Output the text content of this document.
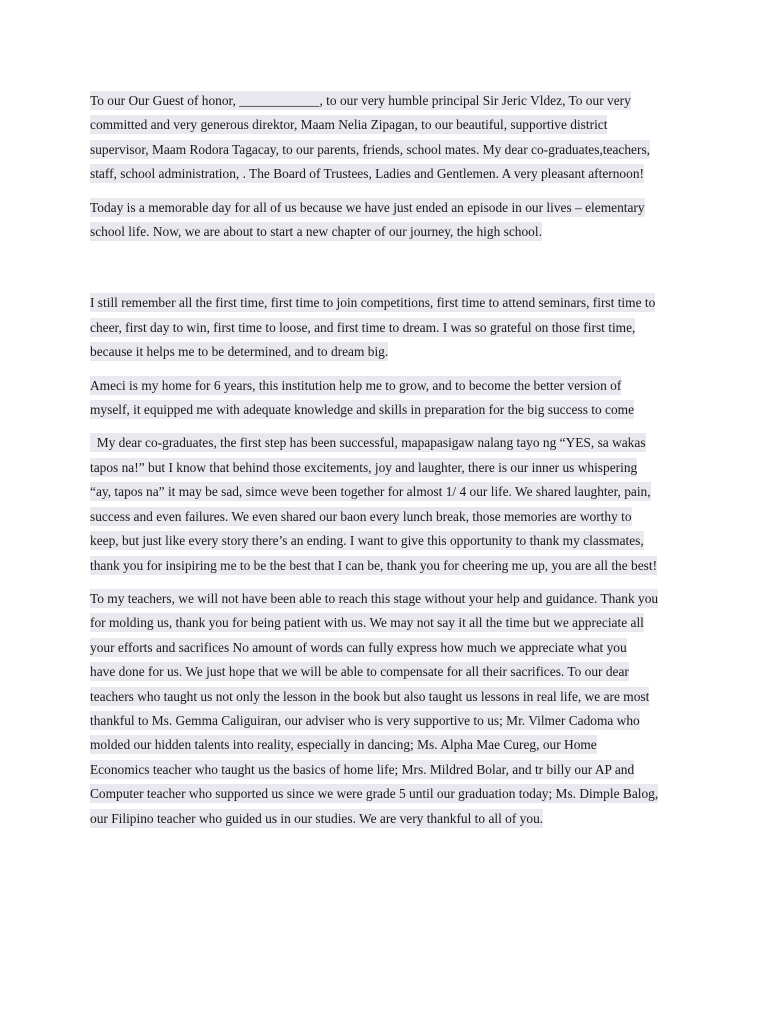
To our Our Guest of honor, ____________, to our very humble principal Sir Jeric Vldez, To our very
committed and very generous direktor, Maam Nelia Zipagan, to our beautiful, supportive district
supervisor, Maam Rodora Tagacay, to our parents, friends, school mates. My dear co-graduates,teachers,
staff, school administration, . The Board of Trustees, Ladies and Gentlemen. A very pleasant afternoon!
Today is a memorable day for all of us because we have just ended an episode in our lives – elementary
school life. Now, we are about to start a new chapter of our journey, the high school.
I still remember all the first time, first time to join competitions, first time to attend seminars, first time to
cheer, first day to win, first time to loose, and first time to dream. I was so grateful on those first time,
because it helps me to be determined, and to dream big.
Ameci is my home for 6 years, this institution help me to grow, and to become the better version of
myself, it equipped me with adequate knowledge and skills in preparation for the big success to come
My dear co-graduates, the first step has been successful, mapapasigaw nalang tayo ng “YES, sa wakas
tapos na!” but I know that behind those excitements, joy and laughter, there is our inner us whispering
“ay, tapos na” it may be sad, simce weve been together for almost 1/ 4 our life. We shared laughter, pain,
success and even failures. We even shared our baon every lunch break, those memories are worthy to
keep, but just like every story there’s an ending. I want to give this opportunity to thank my classmates,
thank you for insipiring me to be the best that I can be, thank you for cheering me up, you are all the best!
To my teachers, we will not have been able to reach this stage without your help and guidance. Thank you
for molding us, thank you for being patient with us. We may not say it all the time but we appreciate all
your efforts and sacrifices No amount of words can fully express how much we appreciate what you
have done for us. We just hope that we will be able to compensate for all their sacrifices. To our dear
teachers who taught us not only the lesson in the book but also taught us lessons in real life, we are most
thankful to Ms. Gemma Caliguiran, our adviser who is very supportive to us; Mr. Vilmer Cadoma who
molded our hidden talents into reality, especially in dancing; Ms. Alpha Mae Cureg, our Home
Economics teacher who taught us the basics of home life; Mrs. Mildred Bolar, and tr billy our AP and
Computer teacher who supported us since we were grade 5 until our graduation today; Ms. Dimple Balog,
our Filipino teacher who guided us in our studies. We are very thankful to all of you.
